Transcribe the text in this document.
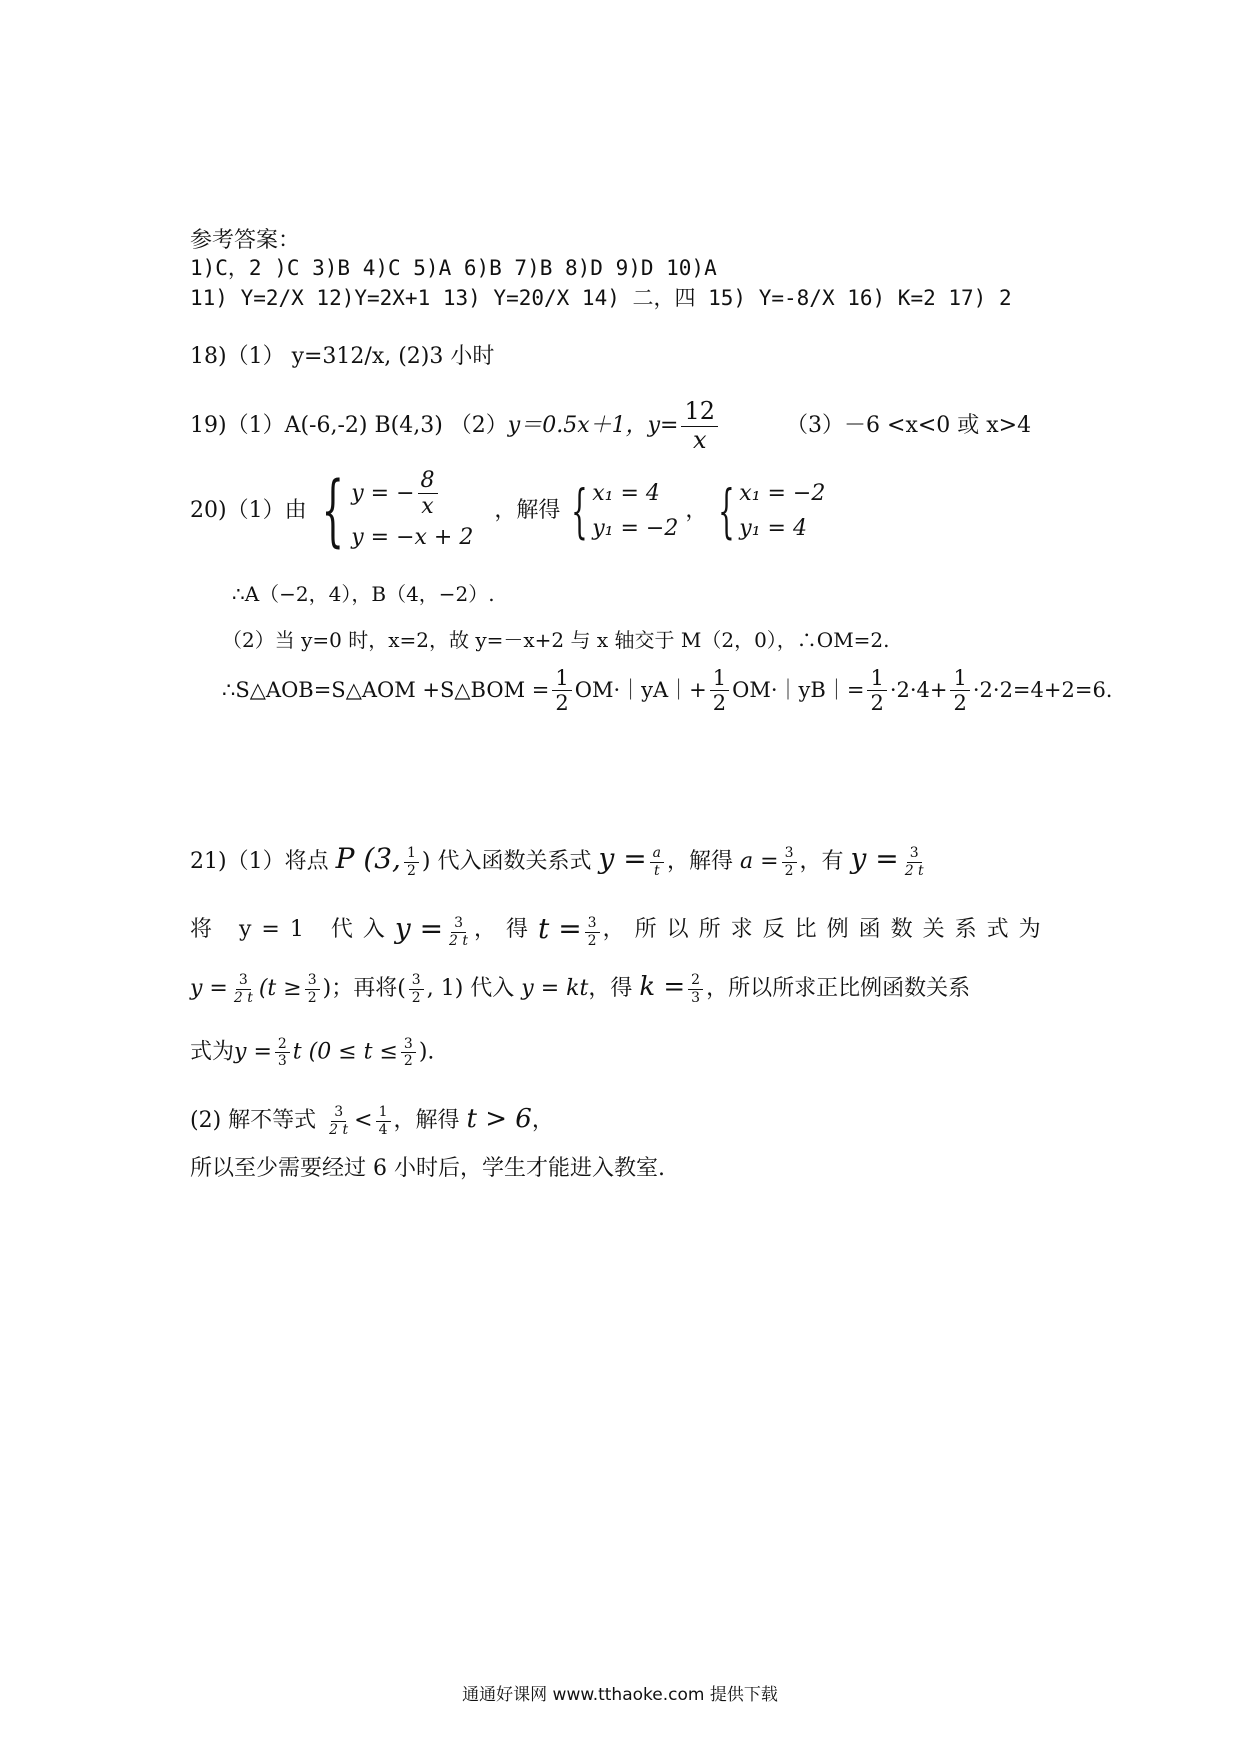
参考答案：
1)C，2 )C 3)B 4)C 5)A 6)B 7)B 8)D 9)D 10)A
11) Y=2/X 12)Y=2X+1 13) Y=20/X 14) 二，四 15) Y=-8/X 16) K=2 17) 2
18)（1） y=312/x, (2)3 小时
19)（1）A(-6,-2) B(4,3) （2）y＝0.5x＋1，$y= \frac{12}{x}$	（3）－6 <x<0 或 x>4
20)（1）由 { y = − $\frac{8}{x}$
y = −x + 2
，解得 { x₁ = 4
y₁ = −2
， { x₁ = −2
y₁ = 4
∴A（−2，4），B（4，−2）.
（2）当 y=0 时，x=2，故 y=－x+2 与 x 轴交于 M（2，0），∴OM=2.
∴S△AOB=S△AOM +S△BOM = $\frac{1}{2}$ OM·｜yA｜+ $\frac{1}{2}$ OM·｜yB｜= $\frac{1}{2} \cdot 2\cdot 4+ \frac{1}{2} \cdot 2\cdot 2=4+2=6$.
21)（1）将点 P (3, $\frac{1}{2}$ ) 代入函数关系式 $y = \frac{a}{t}$ ，解得 $a = \frac{3}{2}$ ，有 $y = \frac{3}{2 t}$
将 y=1 代入 $y = \frac{3}{2 t}$ ，得 $t = \frac{3}{2}$ ，所以所求反比例函数关系式为
$y = \frac{3}{2 t} (t \ge \frac{3}{2}$ )；再将( $\frac{3}{2}$ , 1) 代入 y = kt，得 $k = \frac{2}{3}$ ，所以所求正比例函数关系
式为$y = \frac{2}{3}$ t ($0 \le t \le \frac{3}{2}$ ).
(2) 解不等式 $\frac{3}{2 t} < \frac{1}{4}$ ，解得 t > 6，
所以至少需要经过 6 小时后，学生才能进入教室.
通通好课网 www.tthaoke.com 提供下载
